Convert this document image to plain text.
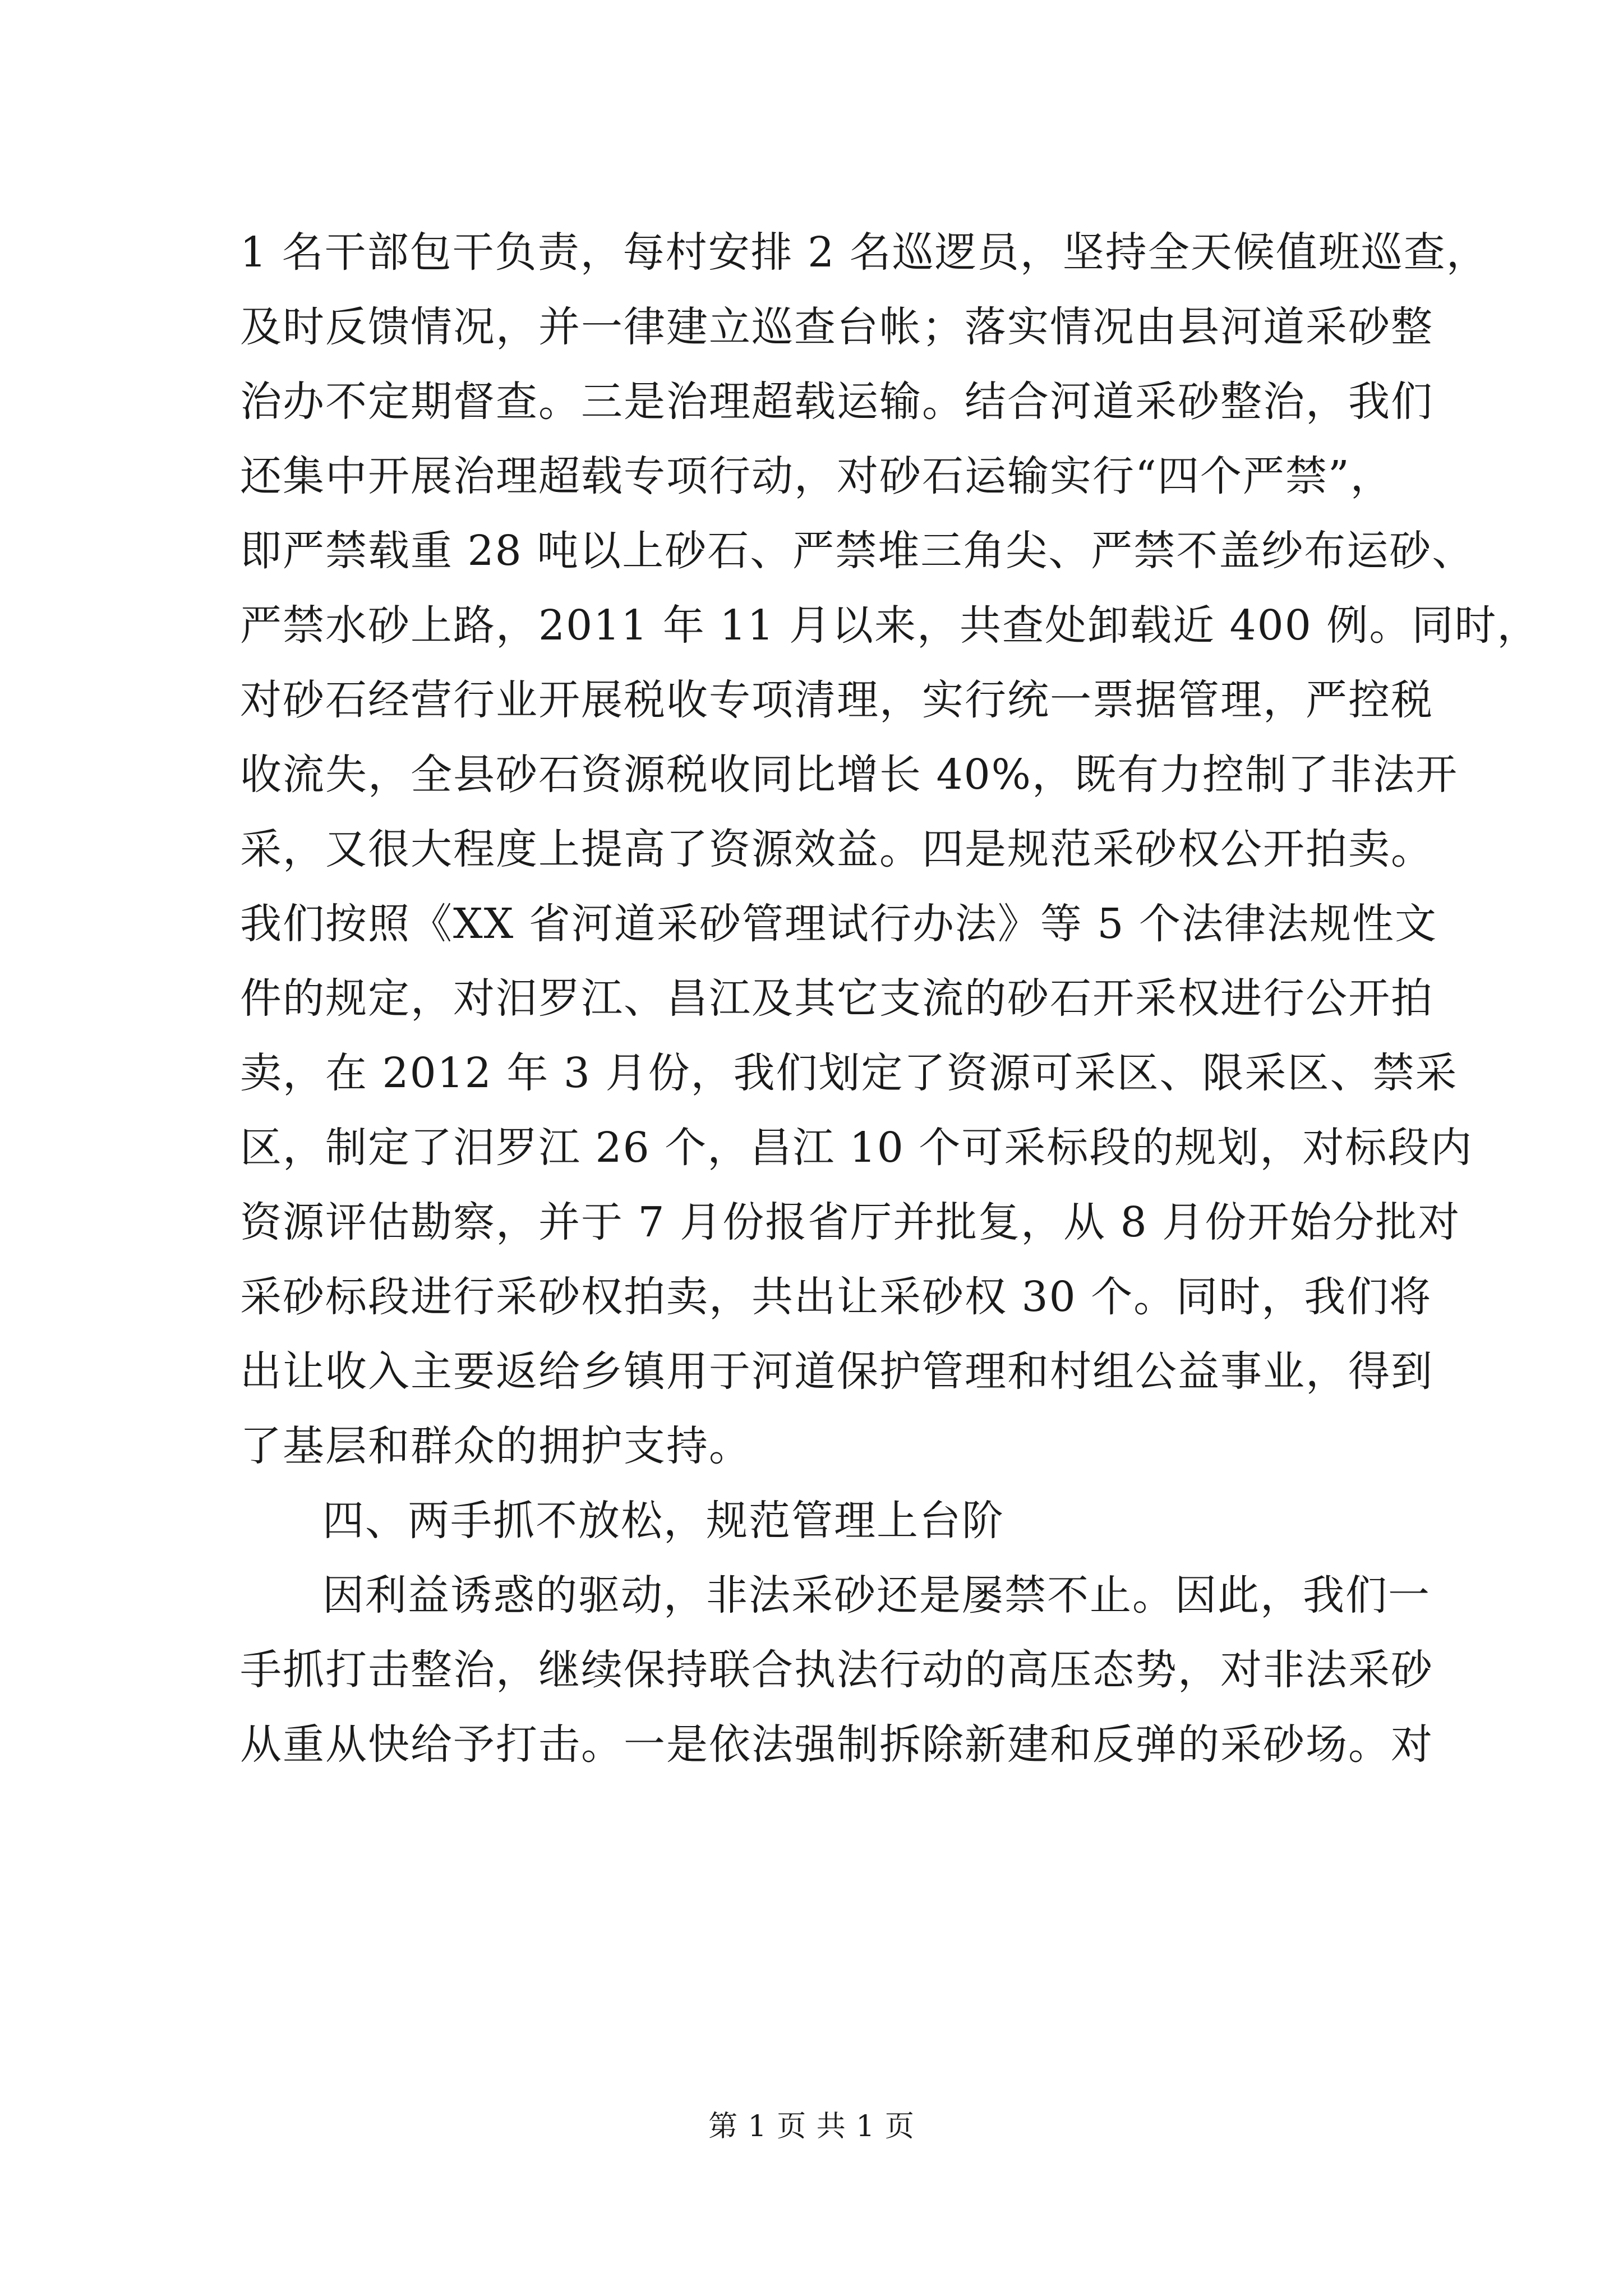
1 名干部包干负责，每村安排 2 名巡逻员，坚持全天候值班巡查，
及时反馈情况，并一律建立巡查台帐；落实情况由县河道采砂整
治办不定期督查。三是治理超载运输。结合河道采砂整治，我们
还集中开展治理超载专项行动，对砂石运输实行“四个严禁”，
即严禁载重 28 吨以上砂石、严禁堆三角尖、严禁不盖纱布运砂、
严禁水砂上路，2011 年 11 月以来，共查处卸载近 400 例。同时，
对砂石经营行业开展税收专项清理，实行统一票据管理，严控税
收流失，全县砂石资源税收同比增长 40%，既有力控制了非法开
采，又很大程度上提高了资源效益。四是规范采砂权公开拍卖。
我们按照《XX 省河道采砂管理试行办法》等 5 个法律法规性文
件的规定，对汨罗江、昌江及其它支流的砂石开采权进行公开拍
卖，在 2012 年 3 月份，我们划定了资源可采区、限采区、禁采
区，制定了汨罗江 26 个，昌江 10 个可采标段的规划，对标段内
资源评估勘察，并于 7 月份报省厅并批复，从 8 月份开始分批对
采砂标段进行采砂权拍卖，共出让采砂权 30 个。同时，我们将
出让收入主要返给乡镇用于河道保护管理和村组公益事业，得到
了基层和群众的拥护支持。
四、两手抓不放松，规范管理上台阶
因利益诱惑的驱动，非法采砂还是屡禁不止。因此，我们一
手抓打击整治，继续保持联合执法行动的高压态势，对非法采砂
从重从快给予打击。一是依法强制拆除新建和反弹的采砂场。对
第 1 页 共 1 页
